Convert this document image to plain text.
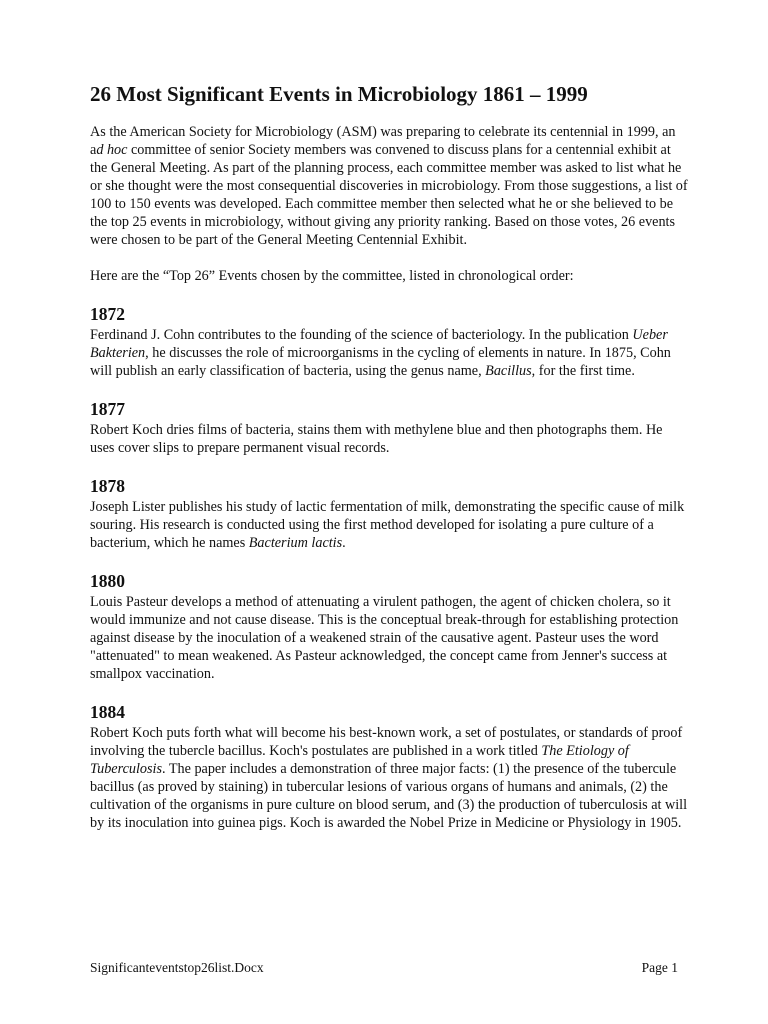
26 Most Significant Events in Microbiology 1861 – 1999

As the American Society for Microbiology (ASM) was preparing to celebrate its centennial in 1999, an ad hoc committee of senior Society members was convened to discuss plans for a centennial exhibit at the General Meeting. As part of the planning process, each committee member was asked to list what he or she thought were the most consequential discoveries in microbiology. From those suggestions, a list of 100 to 150 events was developed. Each committee member then selected what he or she believed to be the top 25 events in microbiology, without giving any priority ranking. Based on those votes, 26 events were chosen to be part of the General Meeting Centennial Exhibit.

Here are the “Top 26” Events chosen by the committee, listed in chronological order:

1872

Ferdinand J. Cohn contributes to the founding of the science of bacteriology. In the publication Ueber Bakterien, he discusses the role of microorganisms in the cycling of elements in nature. In 1875, Cohn will publish an early classification of bacteria, using the genus name, Bacillus, for the first time.

1877

Robert Koch dries films of bacteria, stains them with methylene blue and then photographs them. He uses cover slips to prepare permanent visual records.

1878

Joseph Lister publishes his study of lactic fermentation of milk, demonstrating the specific cause of milk souring. His research is conducted using the first method developed for isolating a pure culture of a bacterium, which he names Bacterium lactis.

1880

Louis Pasteur develops a method of attenuating a virulent pathogen, the agent of chicken cholera, so it would immunize and not cause disease. This is the conceptual break-through for establishing protection against disease by the inoculation of a weakened strain of the causative agent. Pasteur uses the word "attenuated" to mean weakened. As Pasteur acknowledged, the concept came from Jenner's success at smallpox vaccination.

1884

Robert Koch puts forth what will become his best-known work, a set of postulates, or standards of proof involving the tubercle bacillus. Koch's postulates are published in a work titled The Etiology of Tuberculosis. The paper includes a demonstration of three major facts: (1) the presence of the tubercule bacillus (as proved by staining) in tubercular lesions of various organs of humans and animals, (2) the cultivation of the organisms in pure culture on blood serum, and (3) the production of tuberculosis at will by its inoculation into guinea pigs. Koch is awarded the Nobel Prize in Medicine or Physiology in 1905.

Significanteventstop26list.Docx	Page 1
